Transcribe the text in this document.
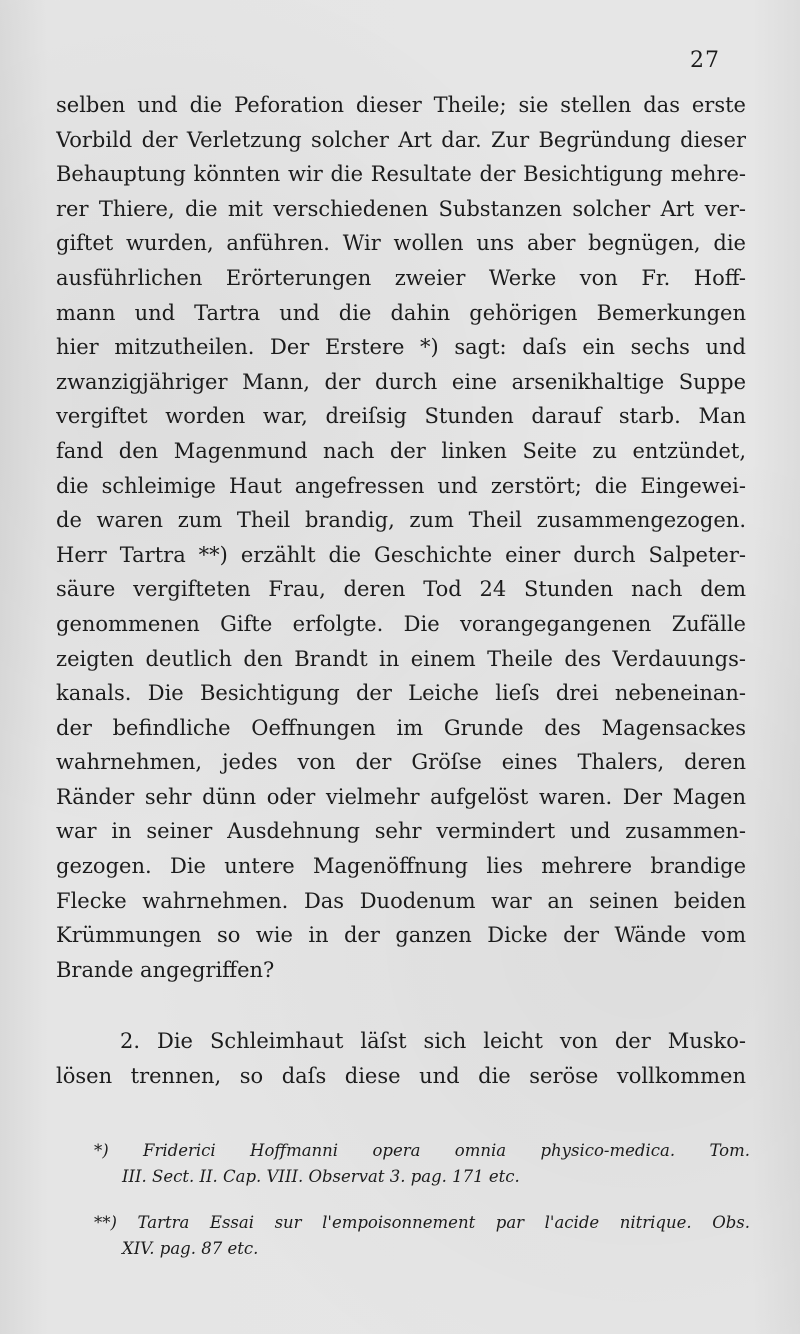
27
selben und die Peforation dieser Theile; sie stellen das erste
Vorbild der Verletzung solcher Art dar. Zur Begründung dieser
Behauptung könnten wir die Resultate der Besichtigung mehre-
rer Thiere, die mit verschiedenen Substanzen solcher Art ver-
giftet wurden, anführen. Wir wollen uns aber begnügen, die
ausführlichen Erörterungen zweier Werke von Fr. Hoff-
mann und Tartra und die dahin gehörigen Bemerkungen
hier mitzutheilen. Der Erstere *) sagt: daſs ein sechs und
zwanzigjähriger Mann, der durch eine arsenikhaltige Suppe
vergiftet worden war, dreiſsig Stunden darauf starb. Man
fand den Magenmund nach der linken Seite zu entzündet,
die schleimige Haut angefressen und zerstört; die Eingewei-
de waren zum Theil brandig, zum Theil zusammengezogen.
Herr Tartra **) erzählt die Geschichte einer durch Salpeter-
säure vergifteten Frau, deren Tod 24 Stunden nach dem
genommenen Gifte erfolgte. Die vorangegangenen Zufälle
zeigten deutlich den Brandt in einem Theile des Verdauungs-
kanals. Die Besichtigung der Leiche lieſs drei nebeneinan-
der befindliche Oeffnungen im Grunde des Magensackes
wahrnehmen, jedes von der Gröſse eines Thalers, deren
Ränder sehr dünn oder vielmehr aufgelöst waren. Der Magen
war in seiner Ausdehnung sehr vermindert und zusammen-
gezogen. Die untere Magenöffnung lies mehrere brandige
Flecke wahrnehmen. Das Duodenum war an seinen beiden
Krümmungen so wie in der ganzen Dicke der Wände vom
Brande angegriffen?
2. Die Schleimhaut läſst sich leicht von der Musko-
lösen trennen, so daſs diese und die seröse vollkommen
*) Friderici Hoffmanni opera omnia physico-medica. Tom.
III. Sect. II. Cap. VIII. Observat 3. pag. 171 etc.
**) Tartra Essai sur l'empoisonnement par l'acide nitrique. Obs.
XIV. pag. 87 etc.
